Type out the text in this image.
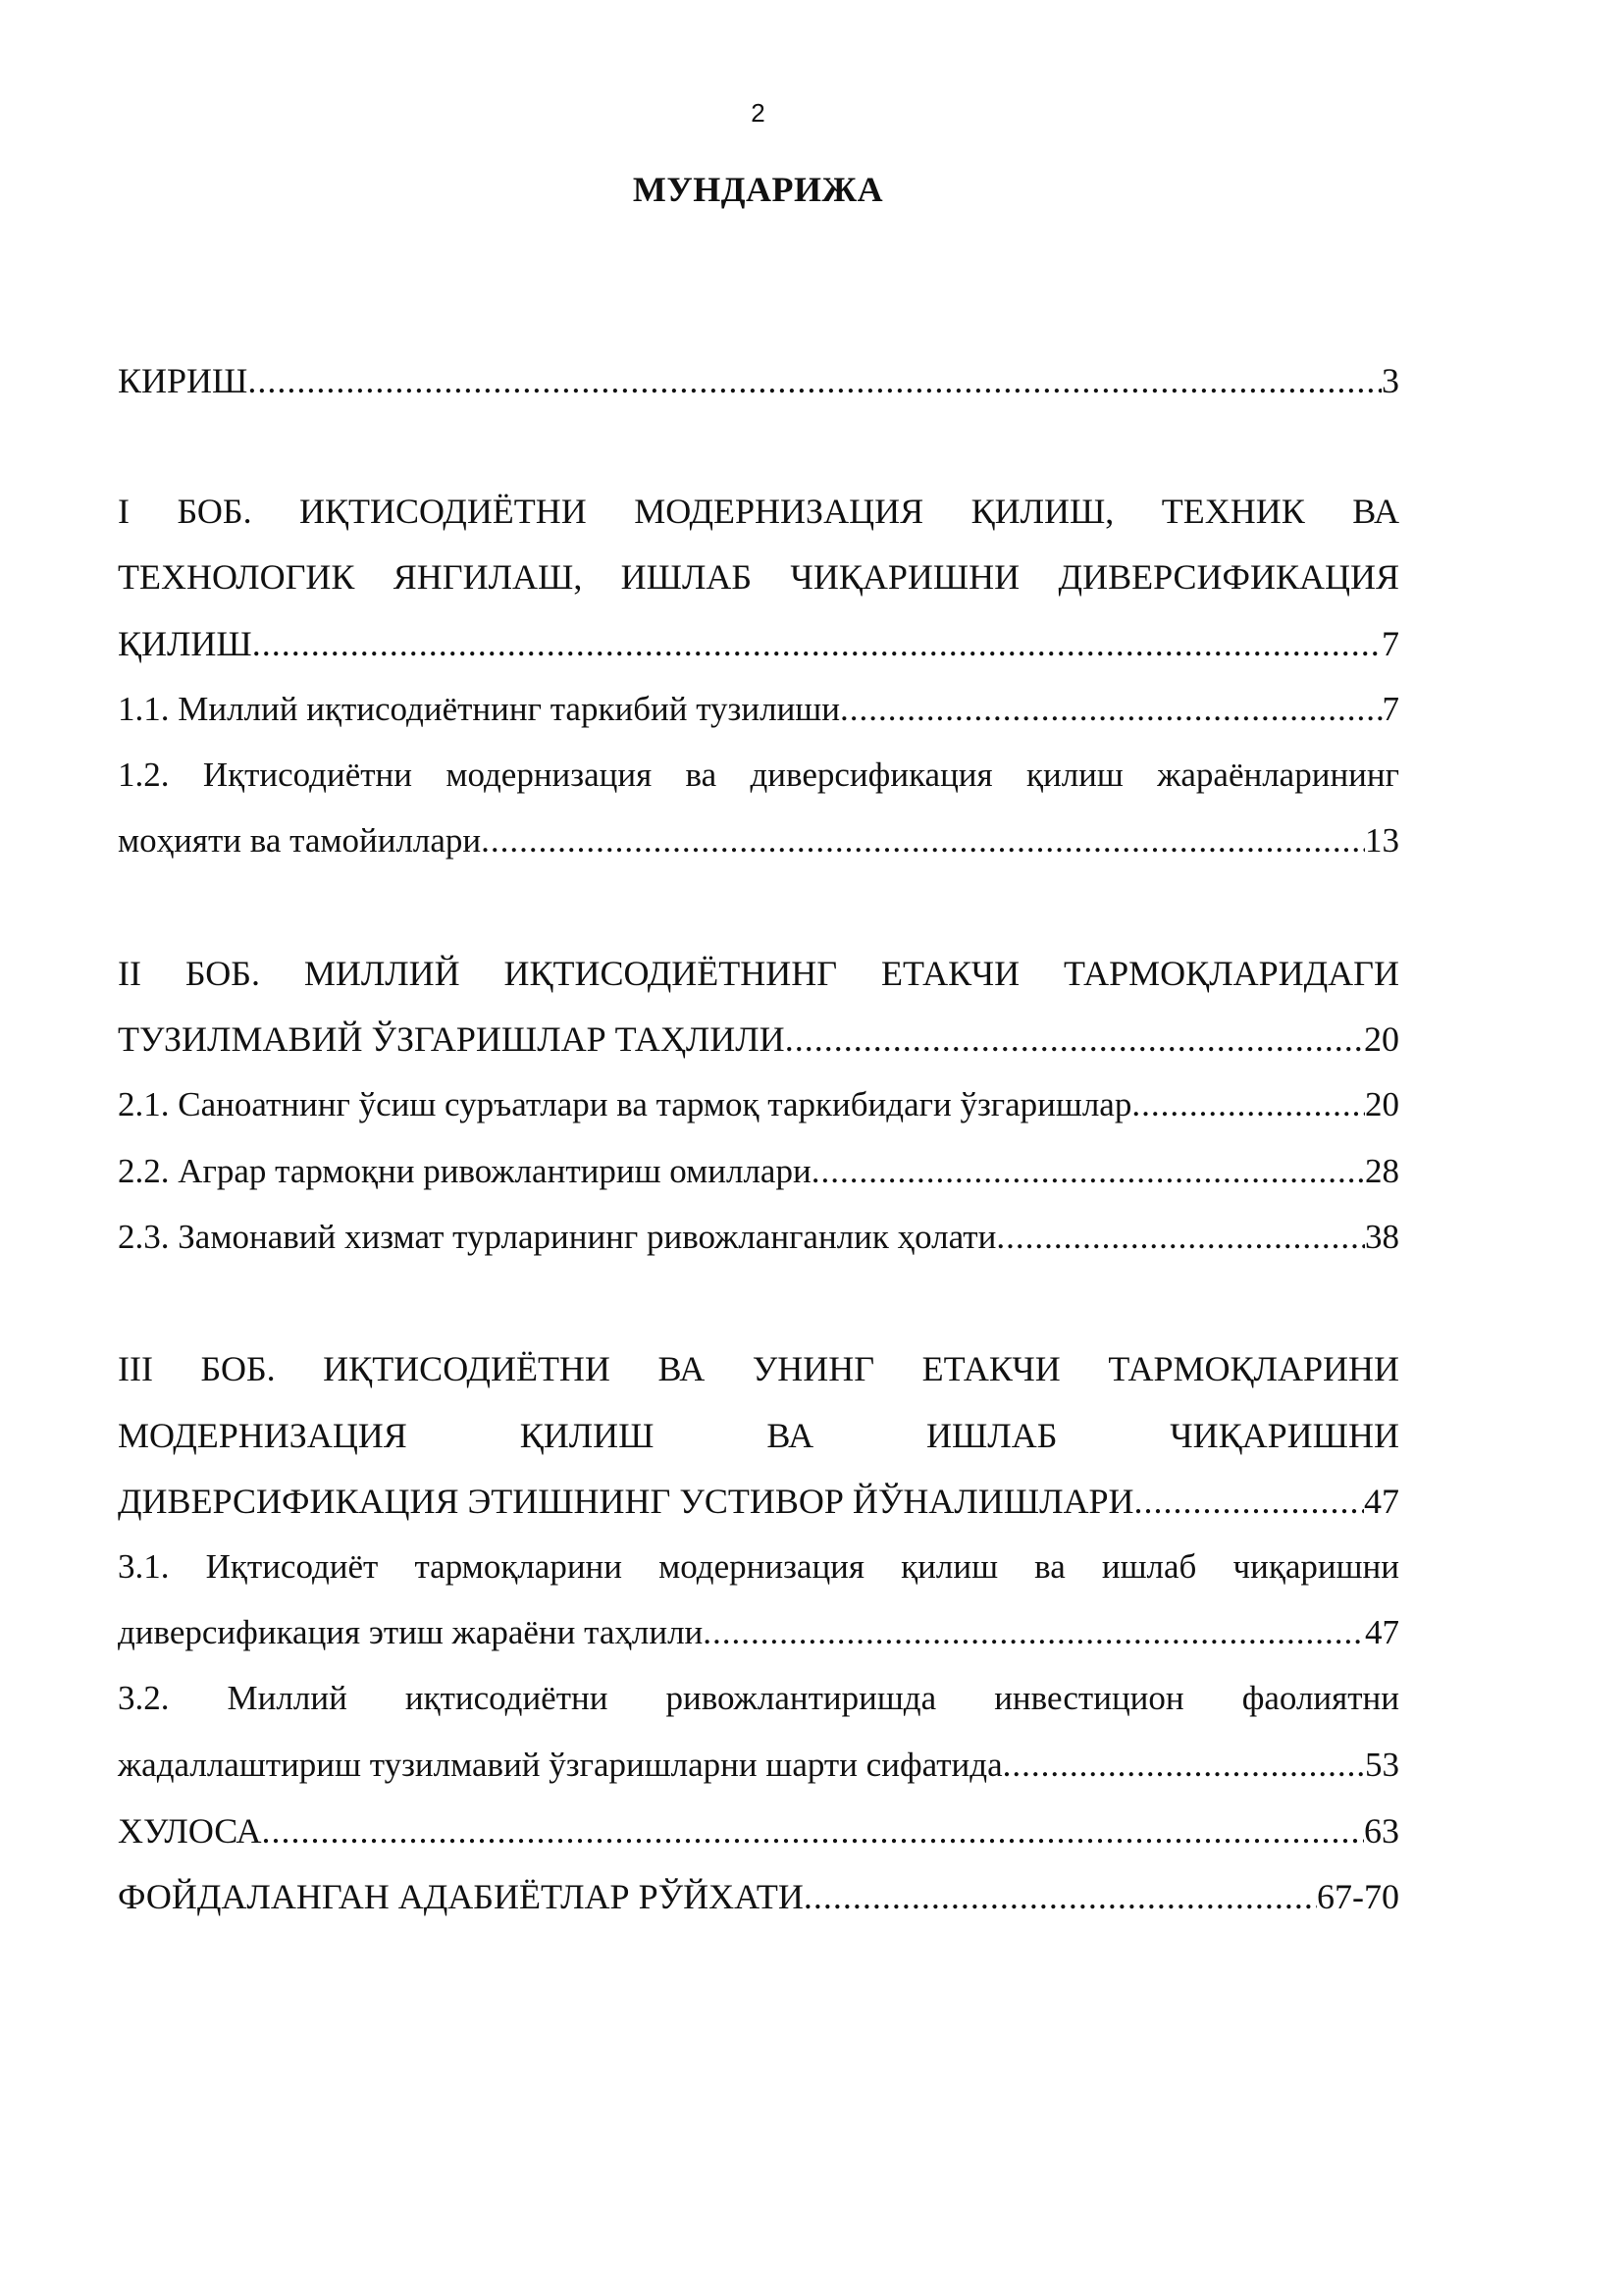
2
МУНДАРИЖА
КИРИШ .....	3
I БОБ. ИҚТИСОДИЁТНИ МОДЕРНИЗАЦИЯ ҚИЛИШ, ТЕХНИК ВА
ТЕХНОЛОГИК ЯНГИЛАШ, ИШЛАБ ЧИҚАРИШНИ ДИВЕРСИФИКАЦИЯ
ҚИЛИШ .....	7
1.1. Миллий иқтисодиётнинг таркибий тузилиши .....	7
1.2. Иқтисодиётни модернизация ва диверсификация қилиш жараёнларининг
моҳияти ва тамойиллари .....	13
II БОБ. МИЛЛИЙ ИҚТИСОДИЁТНИНГ ЕТАКЧИ ТАРМОҚЛАРИДАГИ
ТУЗИЛМАВИЙ ЎЗГАРИШЛАР ТАҲЛИЛИ .....	20
2.1. Саноатнинг ўсиш суръатлари ва тармоқ таркибидаги ўзгаришлар .....	20
2.2. Аграр тармоқни ривожлантириш омиллари .....	28
2.3. Замонавий хизмат турларининг ривожланганлик ҳолати .....	38
III БОБ. ИҚТИСОДИЁТНИ ВА УНИНГ ЕТАКЧИ ТАРМОҚЛАРИНИ
МОДЕРНИЗАЦИЯ ҚИЛИШ ВА ИШЛАБ ЧИҚАРИШНИ
ДИВЕРСИФИКАЦИЯ ЭТИШНИНГ УСТИВОР ЙЎНАЛИШЛАРИ .....	47
3.1. Иқтисодиёт тармоқларини модернизация қилиш ва ишлаб чиқаришни
диверсификация этиш жараёни таҳлили .....	47
3.2. Миллий иқтисодиётни ривожлантиришда инвестицион фаолиятни
жадаллаштириш тузилмавий ўзгаришларни шарти сифатида .....	53
ХУЛОСА .....	63
ФОЙДАЛАНГАН АДАБИЁТЛАР РЎЙХАТИ .....	67-70
